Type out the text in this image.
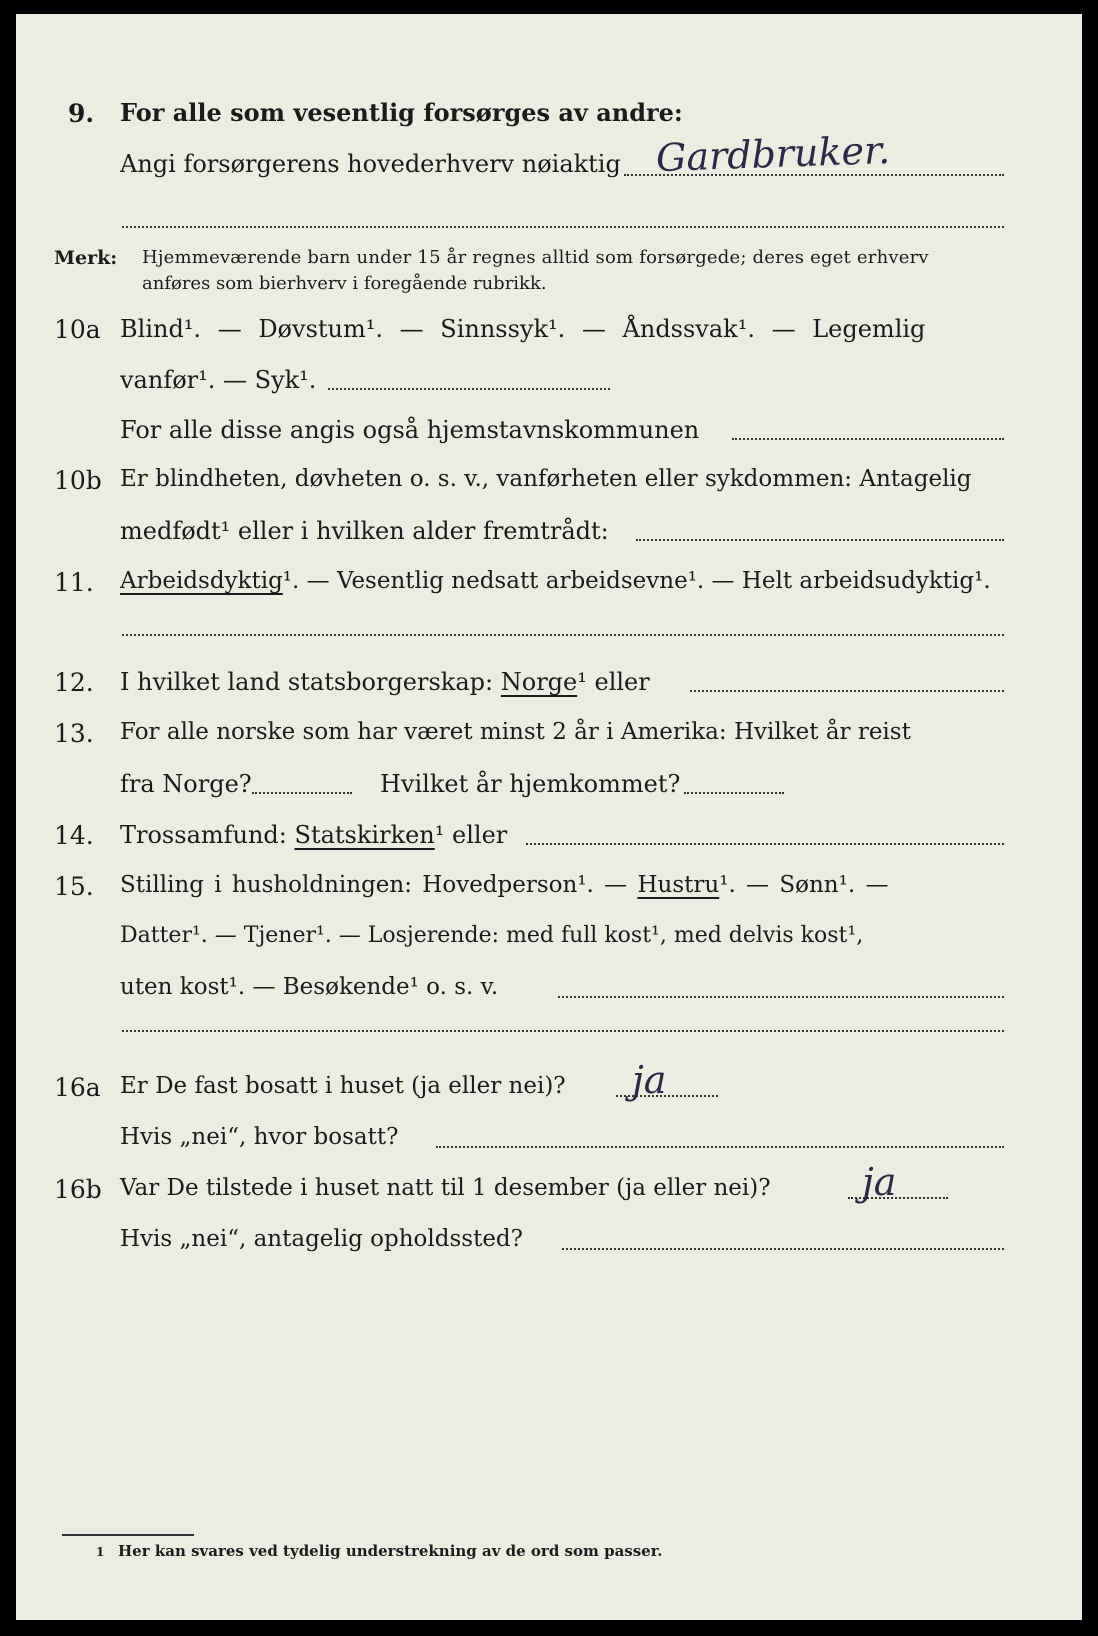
9. For alle som vesentlig forsørges av andre:
Angi forsørgerens hovederhverv nøiaktig Gardbruker.
Merk: Hjemmeværende barn under 15 år regnes alltid som forsørgede; deres eget erhverv
anføres som bierhverv i foregående rubrikk.
10a Blind¹. — Døvstum¹. — Sinnssyk¹. — Åndssvak¹. — Legemlig
vanfør¹. — Syk¹.
For alle disse angis også hjemstavnskommunen
10b Er blindheten, døvheten o. s. v., vanførheten eller sykdommen: Antagelig
medfødt¹ eller i hvilken alder fremtrådt:
11. Arbeidsdyktig¹. — Vesentlig nedsatt arbeidsevne¹. — Helt arbeidsudyktig¹.
12. I hvilket land statsborgerskap: Norge¹ eller
13. For alle norske som har været minst 2 år i Amerika: Hvilket år reist
fra Norge?	Hvilket år hjemkommet?
14. Trossamfund: Statskirken¹ eller
15. Stilling i husholdningen: Hovedperson¹. — Hustru¹. — Sønn¹. —
Datter¹. — Tjener¹. — Losjerende: med full kost¹, med delvis kost¹,
uten kost¹. — Besøkende¹ o. s. v.
16a Er De fast bosatt i huset (ja eller nei)? ja
Hvis „nei“, hvor bosatt?
16b Var De tilstede i huset natt til 1 desember (ja eller nei)? ja
Hvis „nei“, antagelig opholdssted?
1 Her kan svares ved tydelig understrekning av de ord som passer.
